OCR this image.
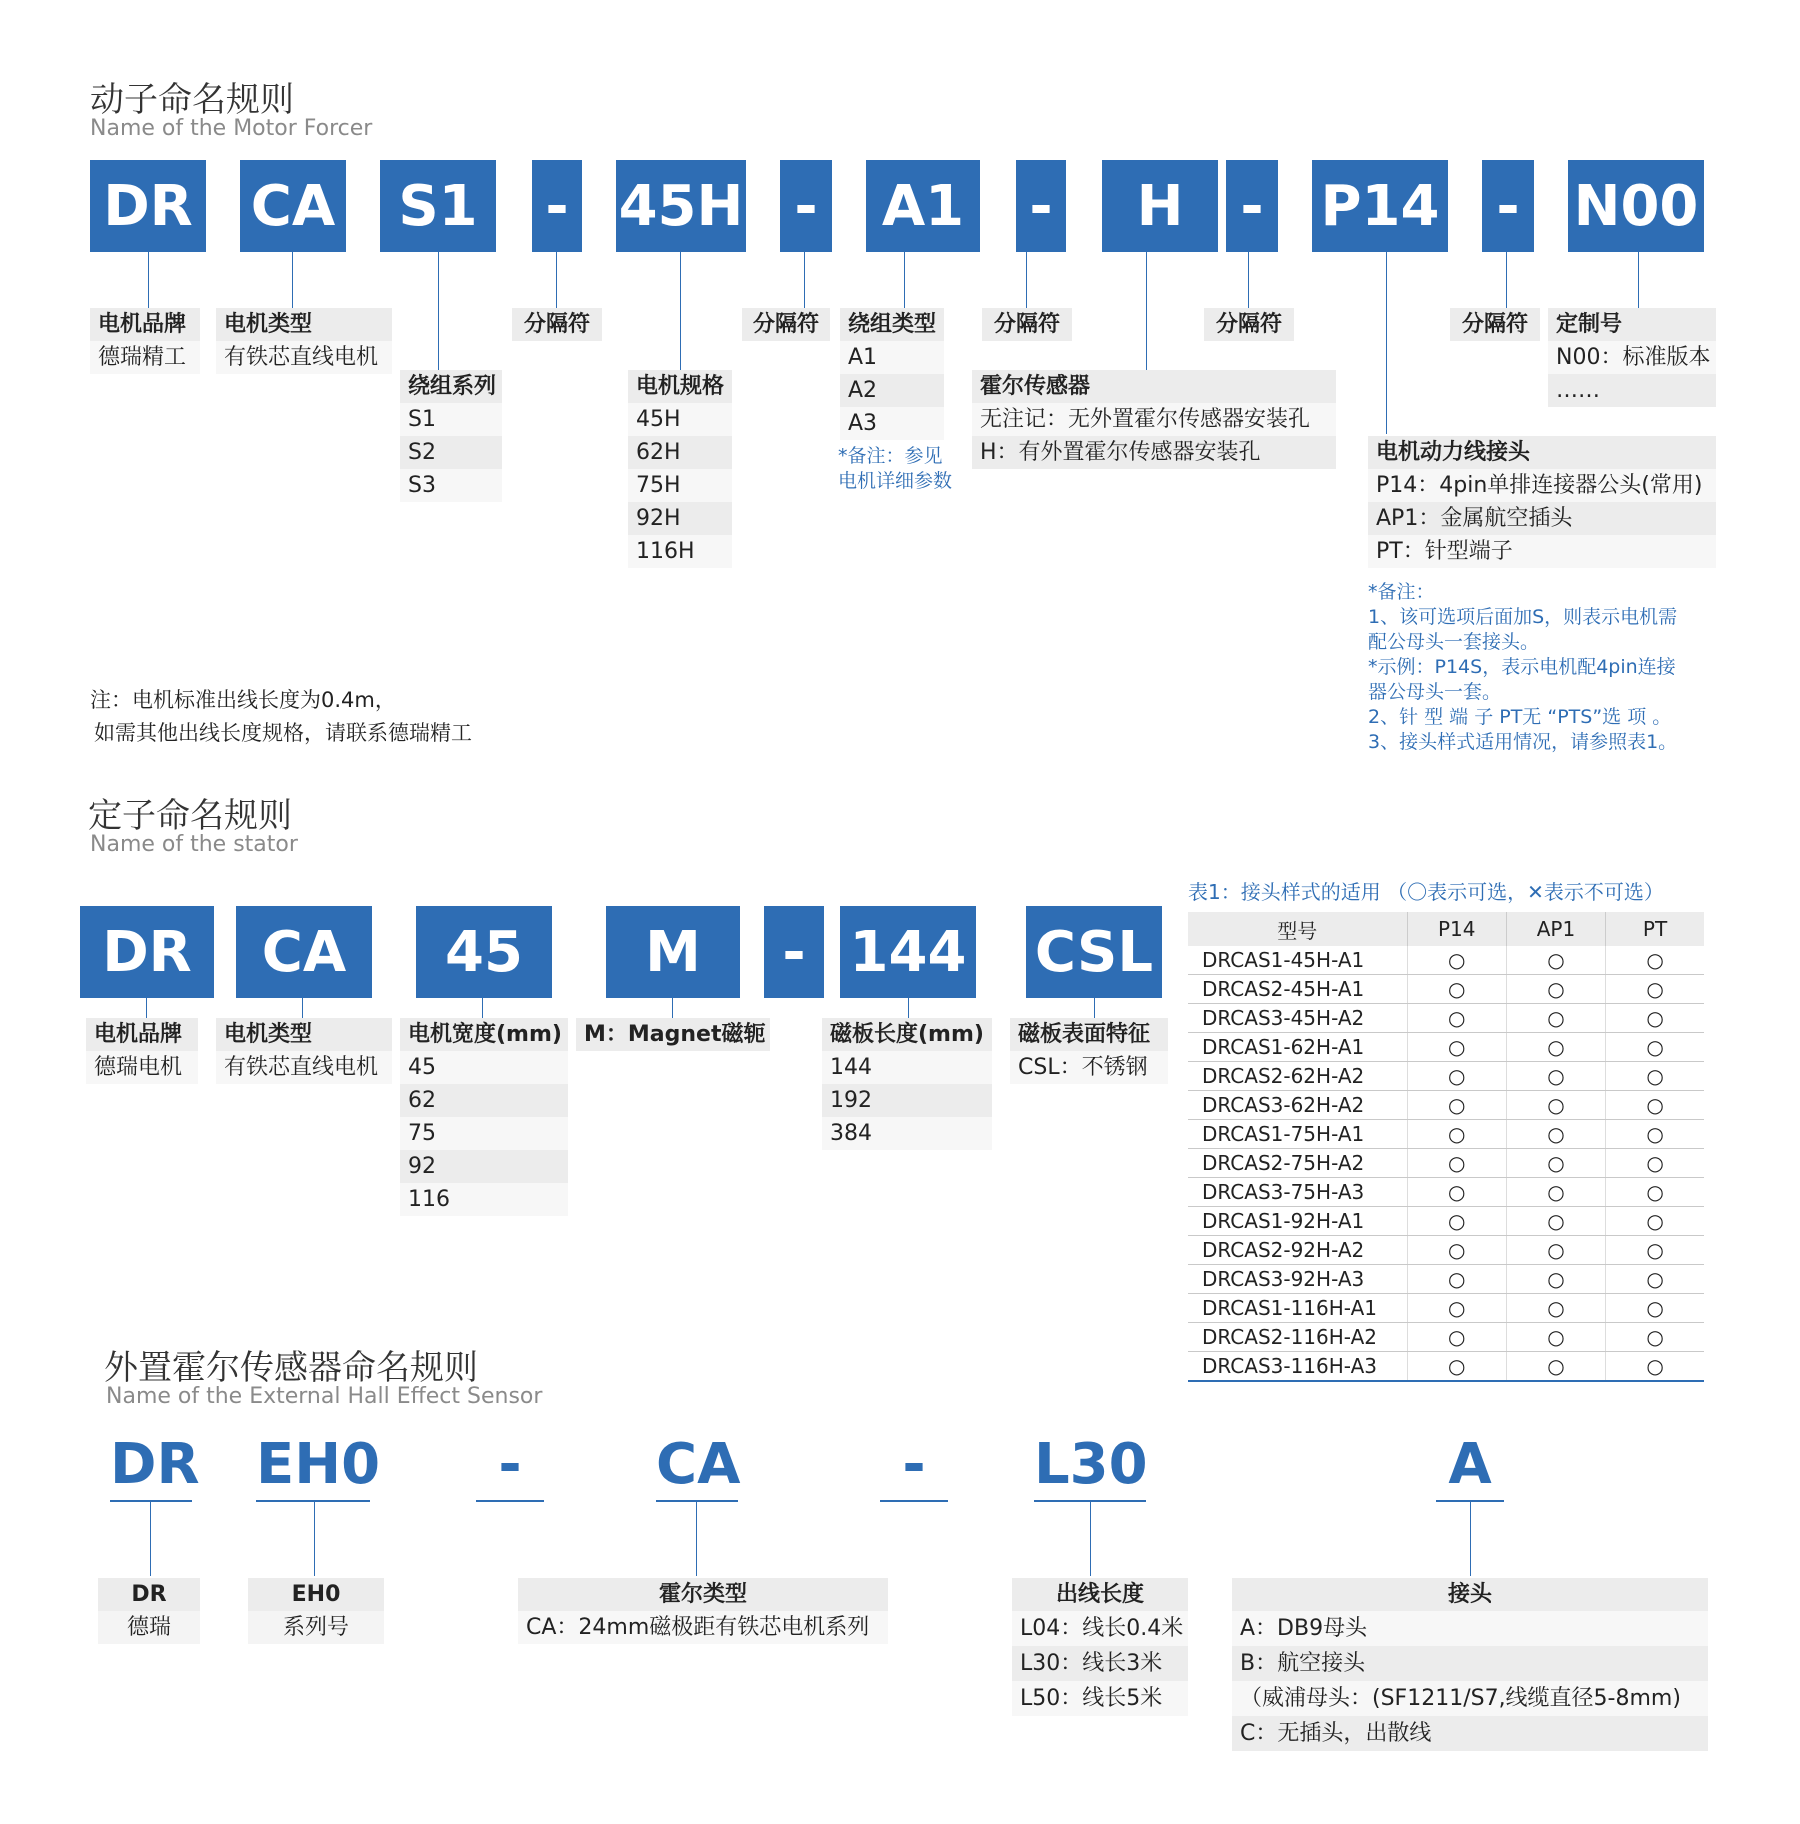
动子命名规则
Name of the Motor Forcer
DR CA	S1	- 45H - A1 -	H	- P14 - N00
电机品牌
德瑞精工
电机类型
有铁芯直线电机
绕组系列
S1
S2
S3
分隔符
电机规格
45H
62H
75H
92H
116H
分隔符	绕组类型
A1
A2
A3
*备注：参见
电机详细参数
分隔符
霍尔传感器
无注记：无外置霍尔传感器安装孔
H：有外置霍尔传感器安装孔
分隔符	分隔符	定制号
N00：标准版本
……
电机动力线接头
P14：4pin单排连接器公头(常用)
AP1：金属航空插头
PT：针型端子
*备注：
1、该可选项后面加S，则表示电机需
配公母头一套接头。
*示例：P14S，表示电机配4pin连接
器公母头一套。
2、针 型 端 子 PT无 “PTS”选 项 。
3、接头样式适用情况，请参照表1。
注：电机标准出线长度为0.4m，
如需其他出线长度规格，请联系德瑞精工
定子命名规则
Name of the stator
DR	CA	45	M	- 144 CSL
电机品牌
德瑞电机
电机类型
有铁芯直线电机
电机宽度(mm)
45
62
75
92
116
M：Magnet磁轭	磁板长度(mm)
144
192
384
磁板表面特征
CSL：不锈钢
表1：接头样式的适用 （〇表示可选，✕表示不可选）
型号	P14	AP1	PT
DRCAS1-45H-A1	○	○	○
DRCAS2-45H-A1	○	○	○
DRCAS3-45H-A2	○	○	○
DRCAS1-62H-A1	○	○	○
DRCAS2-62H-A2	○	○	○
DRCAS3-62H-A2	○	○	○
DRCAS1-75H-A1	○	○	○
DRCAS2-75H-A2	○	○	○
DRCAS3-75H-A3	○	○	○
DRCAS1-92H-A1	○	○	○
DRCAS2-92H-A2	○	○	○
DRCAS3-92H-A3	○	○	○
DRCAS1-116H-A1	○	○	○
DRCAS2-116H-A2	○	○	○
DRCAS3-116H-A3	○	○	○
外置霍尔传感器命名规则
Name of the External Hall Effect Sensor
DR EH0	-	CA	-	L30	A
DR
德瑞
EH0
系列号
霍尔类型
CA：24mm磁极距有铁芯电机系列
出线长度
L04：线长0.4米
L30：线长3米
L50：线长5米
接头
A：DB9母头
B：航空接头
（威浦母头：(SF1211/S7,线缆直径5-8mm)
C：无插头，出散线
